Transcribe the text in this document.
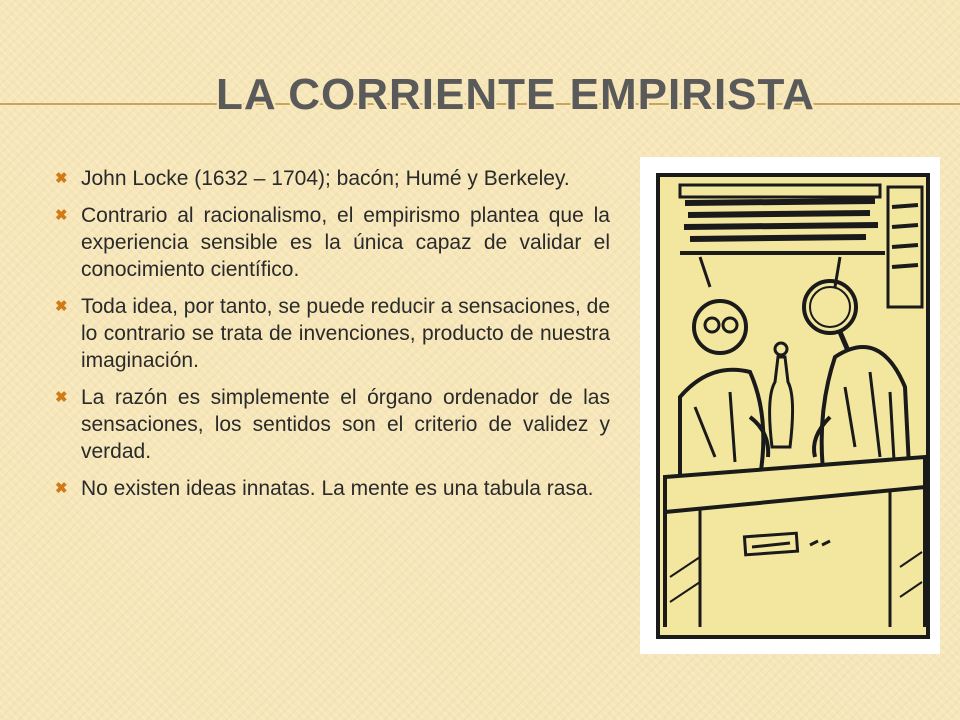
LA CORRIENTE EMPIRISTA
✖ John Locke (1632 – 1704); bacón; Humé y Berkeley.
✖ Contrario al racionalismo, el empirismo plantea que la experiencia sensible es la única capaz de validar el conocimiento científico.
✖ Toda idea, por tanto, se puede reducir a sensaciones, de lo contrario se trata de invenciones, producto de nuestra imaginación.
✖ La razón es simplemente el órgano ordenador de las sensaciones, los sentidos son el criterio de validez y verdad.
✖ No existen ideas innatas. La mente es una tabula rasa.
